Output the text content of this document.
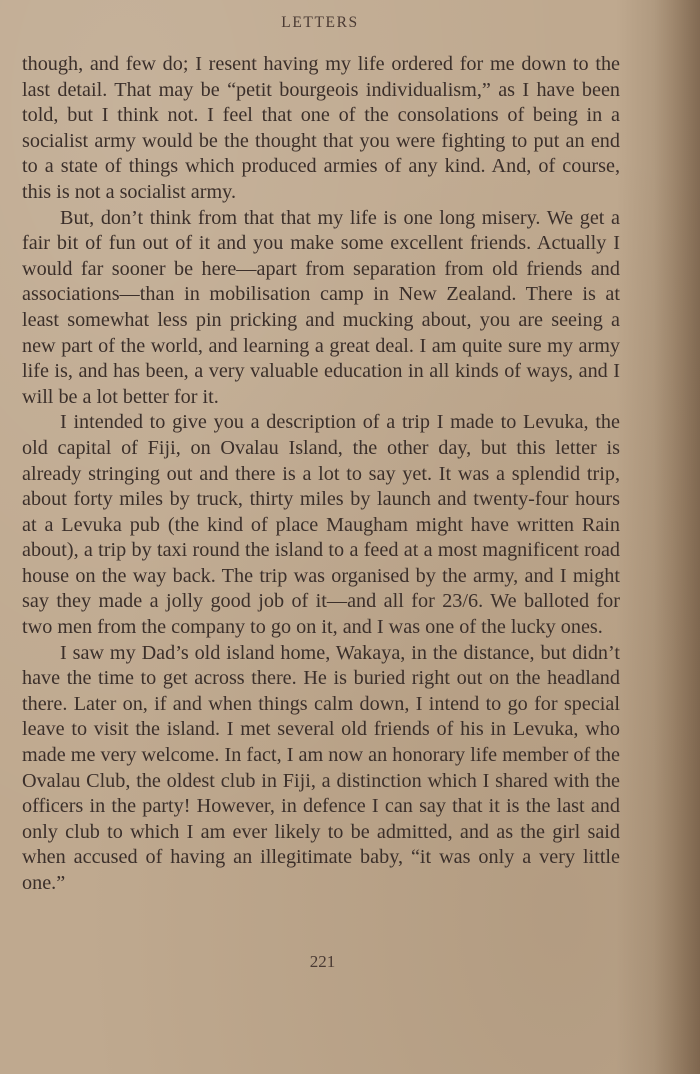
LETTERS

though, and few do; I resent having my life ordered for me down to the last detail. That may be “petit bourgeois individualism,” as I have been told, but I think not. I feel that one of the consolations of being in a socialist army would be the thought that you were fighting to put an end to a state of things which produced armies of any kind. And, of course, this is not a socialist army.

But, don’t think from that that my life is one long misery. We get a fair bit of fun out of it and you make some excellent friends. Actually I would far sooner be here—apart from separation from old friends and associations—than in mobilisation camp in New Zealand. There is at least somewhat less pin pricking and mucking about, you are seeing a new part of the world, and learning a great deal. I am quite sure my army life is, and has been, a very valuable education in all kinds of ways, and I will be a lot better for it.

I intended to give you a description of a trip I made to Levuka, the old capital of Fiji, on Ovalau Island, the other day, but this letter is already stringing out and there is a lot to say yet. It was a splendid trip, about forty miles by truck, thirty miles by launch and twenty-four hours at a Levuka pub (the kind of place Maugham might have written Rain about), a trip by taxi round the island to a feed at a most magnificent road house on the way back. The trip was organised by the army, and I might say they made a jolly good job of it—and all for 23/6. We balloted for two men from the company to go on it, and I was one of the lucky ones.

I saw my Dad’s old island home, Wakaya, in the distance, but didn’t have the time to get across there. He is buried right out on the headland there. Later on, if and when things calm down, I intend to go for special leave to visit the island. I met several old friends of his in Levuka, who made me very welcome. In fact, I am now an honorary life member of the Ovalau Club, the oldest club in Fiji, a distinction which I shared with the officers in the party! However, in defence I can say that it is the last and only club to which I am ever likely to be admitted, and as the girl said when accused of having an illegitimate baby, “it was only a very little one.”

221
